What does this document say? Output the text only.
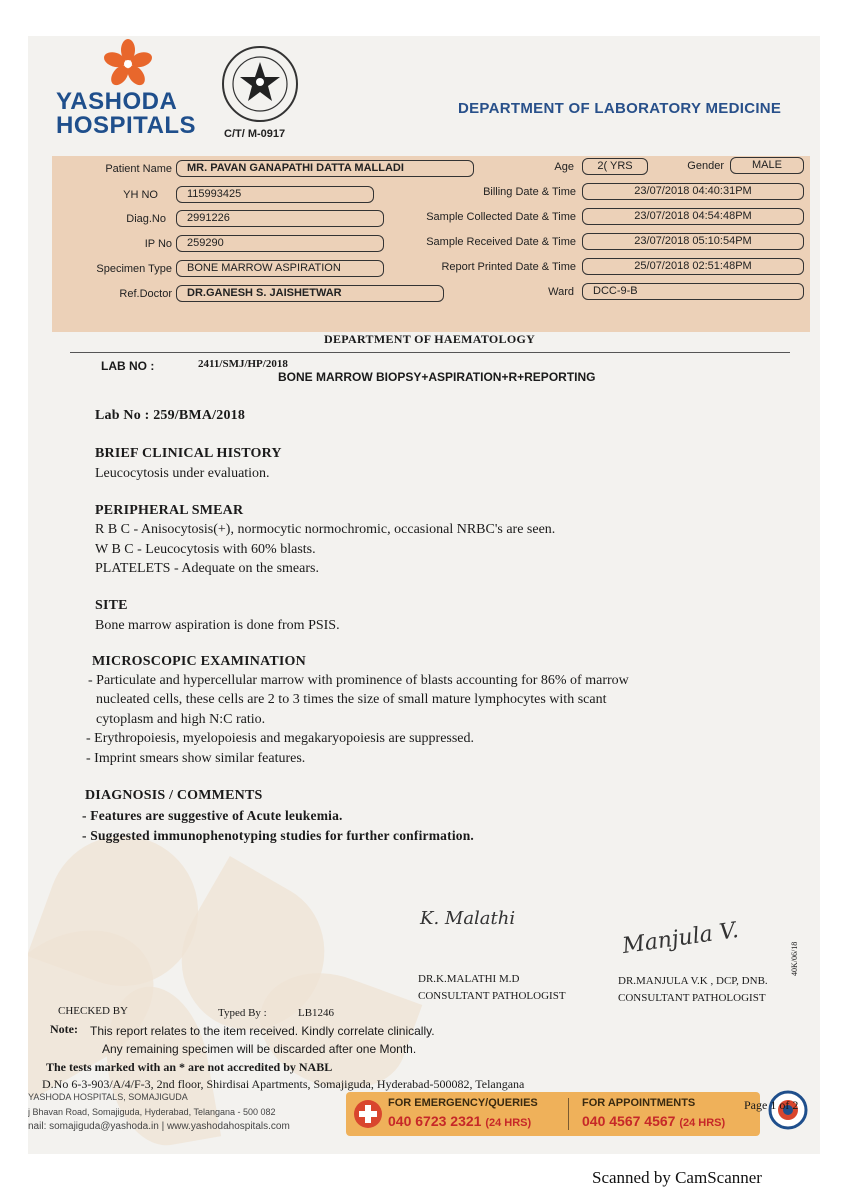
YASHODA
HOSPITALS	C/T/ M-0917
DEPARTMENT OF LABORATORY MEDICINE
Patient Name	MR. PAVAN GANAPATHI DATTA MALLADI
YH NO	115993425
Diag.No	2991226
IP No	259290
Specimen Type	BONE MARROW ASPIRATION
Ref.Doctor	DR.GANESH S. JAISHETWAR
Age	2( YRS	Gender	MALE
Billing Date & Time	23/07/2018 04:40:31PM
Sample Collected Date & Time	23/07/2018 04:54:48PM
Sample Received Date & Time	23/07/2018 05:10:54PM
Report Printed Date & Time	25/07/2018 02:51:48PM
Ward	DCC-9-B
DEPARTMENT OF HAEMATOLOGY
LAB NO :	2411/SMJ/HP/2018
BONE MARROW BIOPSY+ASPIRATION+R+REPORTING
Lab No : 259/BMA/2018
BRIEF CLINICAL HISTORY
Leucocytosis under evaluation.
PERIPHERAL SMEAR
R B C - Anisocytosis(+), normocytic normochromic, occasional NRBC's are seen.
W B C - Leucocytosis with 60% blasts.
PLATELETS - Adequate on the smears.
SITE
Bone marrow aspiration is done from PSIS.
MICROSCOPIC EXAMINATION
- Particulate and hypercellular marrow with prominence of blasts accounting for 86% of marrow
nucleated cells, these cells are 2 to 3 times the size of small mature lymphocytes with scant
cytoplasm and high N:C ratio.
- Erythropoiesis, myelopoiesis and megakaryopoiesis are suppressed.
- Imprint smears show similar features.
DIAGNOSIS / COMMENTS
- Features are suggestive of Acute leukemia.
- Suggested immunophenotyping studies for further confirmation.
K. Malathi	Manjula V.
DR.K.MALATHI M.D
CONSULTANT PATHOLOGIST
DR.MANJULA V.K , DCP, DNB.
CONSULTANT PATHOLOGIST
40K/06/18
CHECKED BY	Typed By :	LB1246
Note: This report relates to the item received. Kindly correlate clinically.
Any remaining specimen will be discarded after one Month.
The tests marked with an * are not accredited by NABL
D.No 6-3-903/A/4/F-3, 2nd floor, Shirdisai Apartments, Somajiguda, Hyderabad-500082, Telangana
YASHODA HOSPITALS, SOMAJIGUDA
j Bhavan Road, Somajiguda, Hyderabad, Telangana - 500 082
nail: somajiguda@yashoda.in | www.yashodahospitals.com
FOR EMERGENCY/QUERIES
040 6723 2321 (24 HRS)
FOR APPOINTMENTS
040 4567 4567 (24 HRS)
Page 1 of 2
Scanned by CamScanner
